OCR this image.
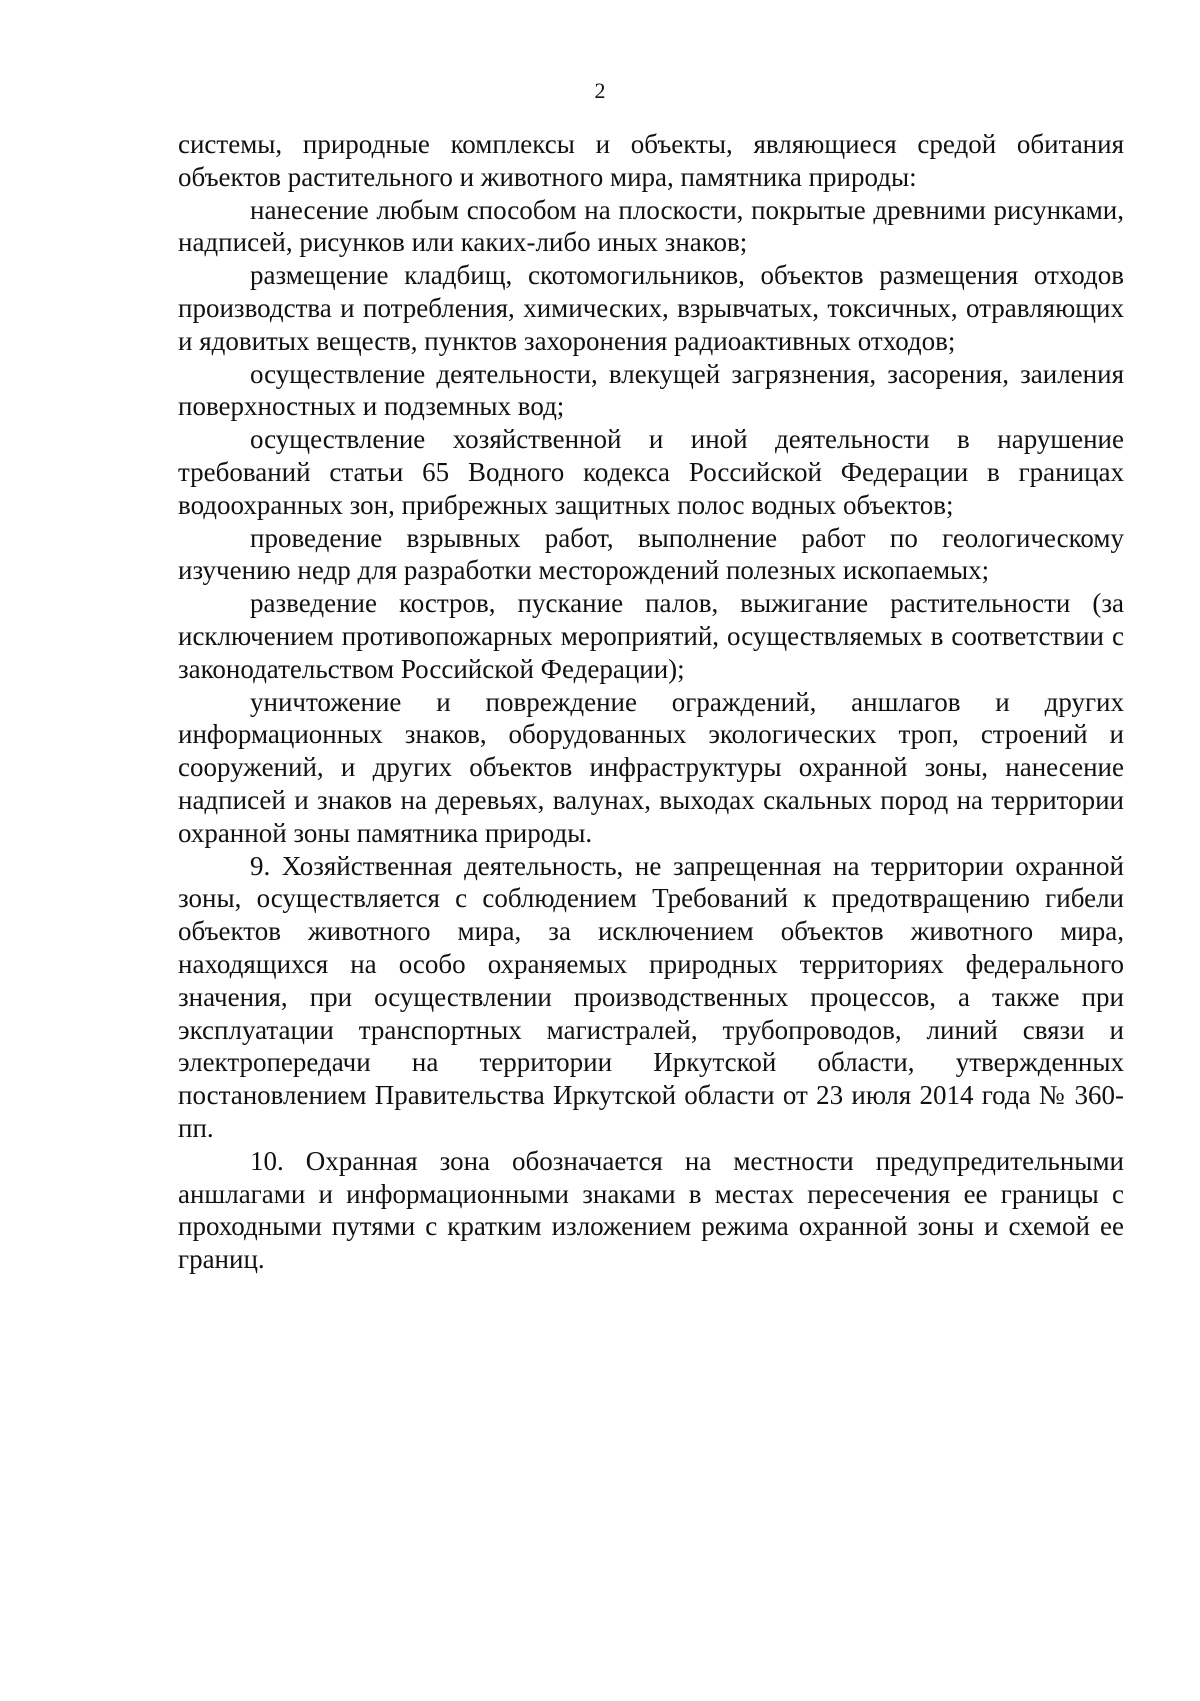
2

системы, природные комплексы и объекты, являющиеся средой обитания объектов растительного и животного мира, памятника природы:

нанесение любым способом на плоскости, покрытые древними рисунками, надписей, рисунков или каких-либо иных знаков;

размещение кладбищ, скотомогильников, объектов размещения отходов производства и потребления, химических, взрывчатых, токсичных, отравляющих и ядовитых веществ, пунктов захоронения радиоактивных отходов;

осуществление деятельности, влекущей загрязнения, засорения, заиления поверхностных и подземных вод;

осуществление хозяйственной и иной деятельности в нарушение требований статьи 65 Водного кодекса Российской Федерации в границах водоохранных зон, прибрежных защитных полос водных объектов;

проведение взрывных работ, выполнение работ по геологическому изучению недр для разработки месторождений полезных ископаемых;

разведение костров, пускание палов, выжигание растительности (за исключением противопожарных мероприятий, осуществляемых в соответствии с законодательством Российской Федерации);

уничтожение и повреждение ограждений, аншлагов и других информационных знаков, оборудованных экологических троп, строений и сооружений, и других объектов инфраструктуры охранной зоны, нанесение надписей и знаков на деревьях, валунах, выходах скальных пород на территории охранной зоны памятника природы.

9. Хозяйственная деятельность, не запрещенная на территории охранной зоны, осуществляется с соблюдением Требований к предотвращению гибели объектов животного мира, за исключением объектов животного мира, находящихся на особо охраняемых природных территориях федерального значения, при осуществлении производственных процессов, а также при эксплуатации транспортных магистралей, трубопроводов, линий связи и электропередачи на территории Иркутской области, утвержденных постановлением Правительства Иркутской области от 23 июля 2014 года № 360-пп.

10. Охранная зона обозначается на местности предупредительными аншлагами и информационными знаками в местах пересечения ее границы с проходными путями с кратким изложением режима охранной зоны и схемой ее границ.
